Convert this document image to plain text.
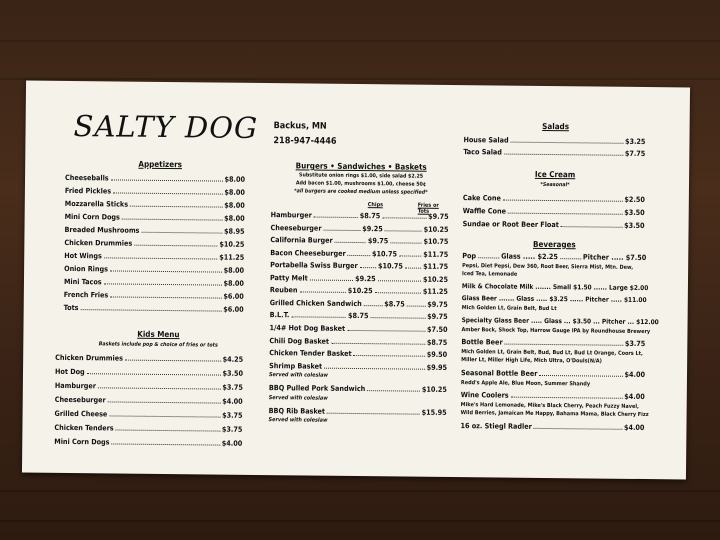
SALTY DOG Backus, MN
218-947-4446
Appetizers
Cheeseballs	$8.00
Fried Pickles	$8.00
Mozzarella Sticks	$8.00
Mini Corn Dogs	$8.00
Breaded Mushrooms	$8.95
Chicken Drummies	$10.25
Hot Wings	$11.25
Onion Rings	$8.00
Mini Tacos	$8.00
French Fries	$6.00
Tots	$6.00
Kids Menu
Baskets include pop & choice of fries or tots
Chicken Drummies	$4.25
Hot Dog	$3.50
Hamburger	$3.75
Cheeseburger	$4.00
Grilled Cheese	$3.75
Chicken Tenders	$3.75
Mini Corn Dogs	$4.00
Burgers • Sandwiches • Baskets
Substitute onion rings $1.00, side salad $2.25
Add bacon $1.00, mushrooms $1.00, cheese 50¢
*all burgers are cooked medium unless specified*
Chips	Fries or Tots
Hamburger	$8.75	$9.75
Cheeseburger	$9.25	$10.25
California Burger	$9.75	$10.75
Bacon Cheeseburger	$10.75	$11.75
Portabella Swiss Burger	$10.75	$11.75
Patty Melt	$9.25	$10.25
Reuben	$10.25	$11.25
Grilled Chicken Sandwich	$8.75	$9.75
B.L.T.	$8.75	$9.75
1/4# Hot Dog Basket	$7.50
Chili Dog Basket	$8.75
Chicken Tender Basket	$9.50
Shrimp Basket	$9.95
Served with coleslaw
BBQ Pulled Pork Sandwich	$10.25
Served with coleslaw
BBQ Rib Basket	$15.95
Served with coleslaw
Salads
House Salad	$3.25
Taco Salad	$7.75
Ice Cream
*Seasonal*
Cake Cone	$2.50
Waffle Cone	$3.50
Sundae or Root Beer Float	$3.50
Beverages
Pop	Glass ..... $2.25	Pitcher ..... $7.50
Pepsi, Diet Pepsi, Dew 360, Root Beer, Sierra Mist, Mtn. Dew,
Iced Tea, Lemonade
Milk & Chocolate Milk ....... Small $1.50 ...... Large $2.00
Glass Beer ....... Glass ..... $3.25 ...... Pitcher ..... $11.00
Mich Golden Lt, Grain Belt, Bud Lt
Specialty Glass Beer ..... Glass ... $3.50 ... Pitcher ... $12.00
Amber Bock, Shock Top, Harrow Gauge IPA by Roundhouse Brewery
Bottle Beer	$3.75
Mich Golden Lt, Grain Belt, Bud, Bud Lt, Bud Lt Orange, Coors Lt,
Miller Lt, Miller High Life, Mich Ultra, O'Douls(N/A)
Seasonal Bottle Beer	$4.00
Redd's Apple Ale, Blue Moon, Summer Shandy
Wine Coolers	$4.00
Mike's Hard Lemonade, Mike's Black Cherry, Peach Fuzzy Navel,
Wild Berries, Jamaican Me Happy, Bahama Mama, Black Cherry Fizz
16 oz. Stiegl Radler	$4.00
